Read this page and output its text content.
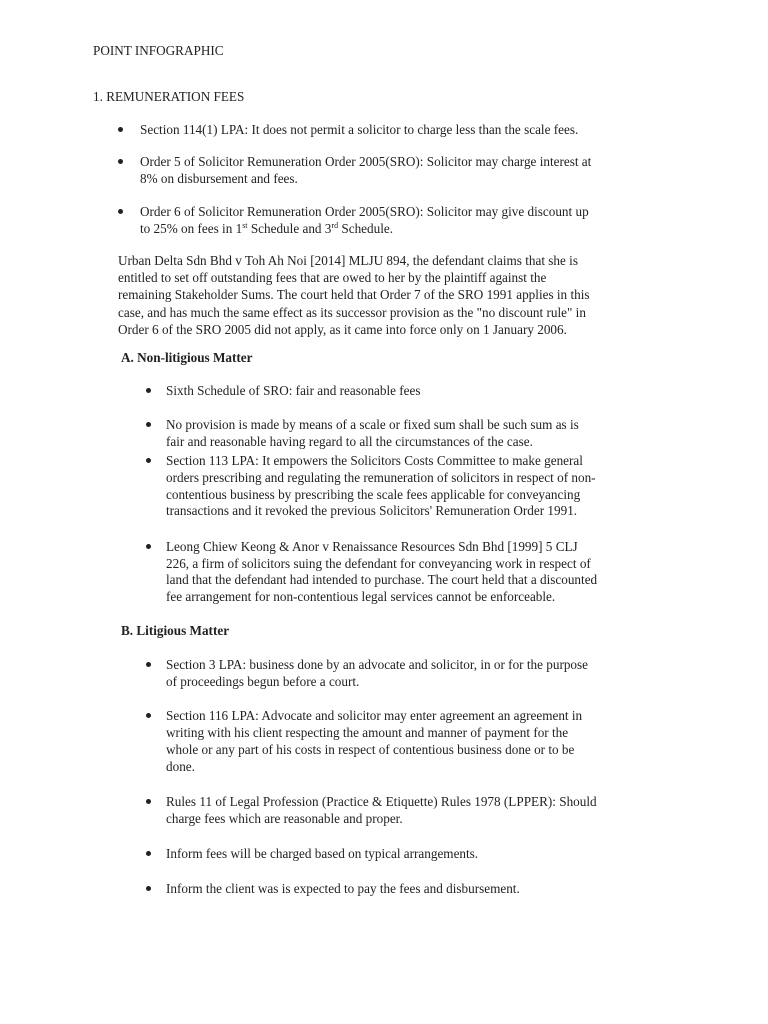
POINT INFOGRAPHIC
1. REMUNERATION FEES
Section 114(1) LPA: It does not permit a solicitor to charge less than the scale fees.
Order 5 of Solicitor Remuneration Order 2005(SRO): Solicitor may charge interest at
8% on disbursement and fees.
Order 6 of Solicitor Remuneration Order 2005(SRO): Solicitor may give discount up
to 25% on fees in 1st Schedule and 3rd Schedule.
Urban Delta Sdn Bhd v Toh Ah Noi [2014] MLJU 894, the defendant claims that she is
entitled to set off outstanding fees that are owed to her by the plaintiff against the
remaining Stakeholder Sums. The court held that Order 7 of the SRO 1991 applies in this
case, and has much the same effect as its successor provision as the "no discount rule" in
Order 6 of the SRO 2005 did not apply, as it came into force only on 1 January 2006.
A. Non-litigious Matter
Sixth Schedule of SRO: fair and reasonable fees
No provision is made by means of a scale or fixed sum shall be such sum as is
fair and reasonable having regard to all the circumstances of the case.
Section 113 LPA: It empowers the Solicitors Costs Committee to make general
orders prescribing and regulating the remuneration of solicitors in respect of non-
contentious business by prescribing the scale fees applicable for conveyancing
transactions and it revoked the previous Solicitors' Remuneration Order 1991.
Leong Chiew Keong & Anor v Renaissance Resources Sdn Bhd [1999] 5 CLJ
226, a firm of solicitors suing the defendant for conveyancing work in respect of
land that the defendant had intended to purchase. The court held that a discounted
fee arrangement for non-contentious legal services cannot be enforceable.
B. Litigious Matter
Section 3 LPA: business done by an advocate and solicitor, in or for the purpose
of proceedings begun before a court.
Section 116 LPA: Advocate and solicitor may enter agreement an agreement in
writing with his client respecting the amount and manner of payment for the
whole or any part of his costs in respect of contentious business done or to be
done.
Rules 11 of Legal Profession (Practice & Etiquette) Rules 1978 (LPPER): Should
charge fees which are reasonable and proper.
Inform fees will be charged based on typical arrangements.
Inform the client was is expected to pay the fees and disbursement.
